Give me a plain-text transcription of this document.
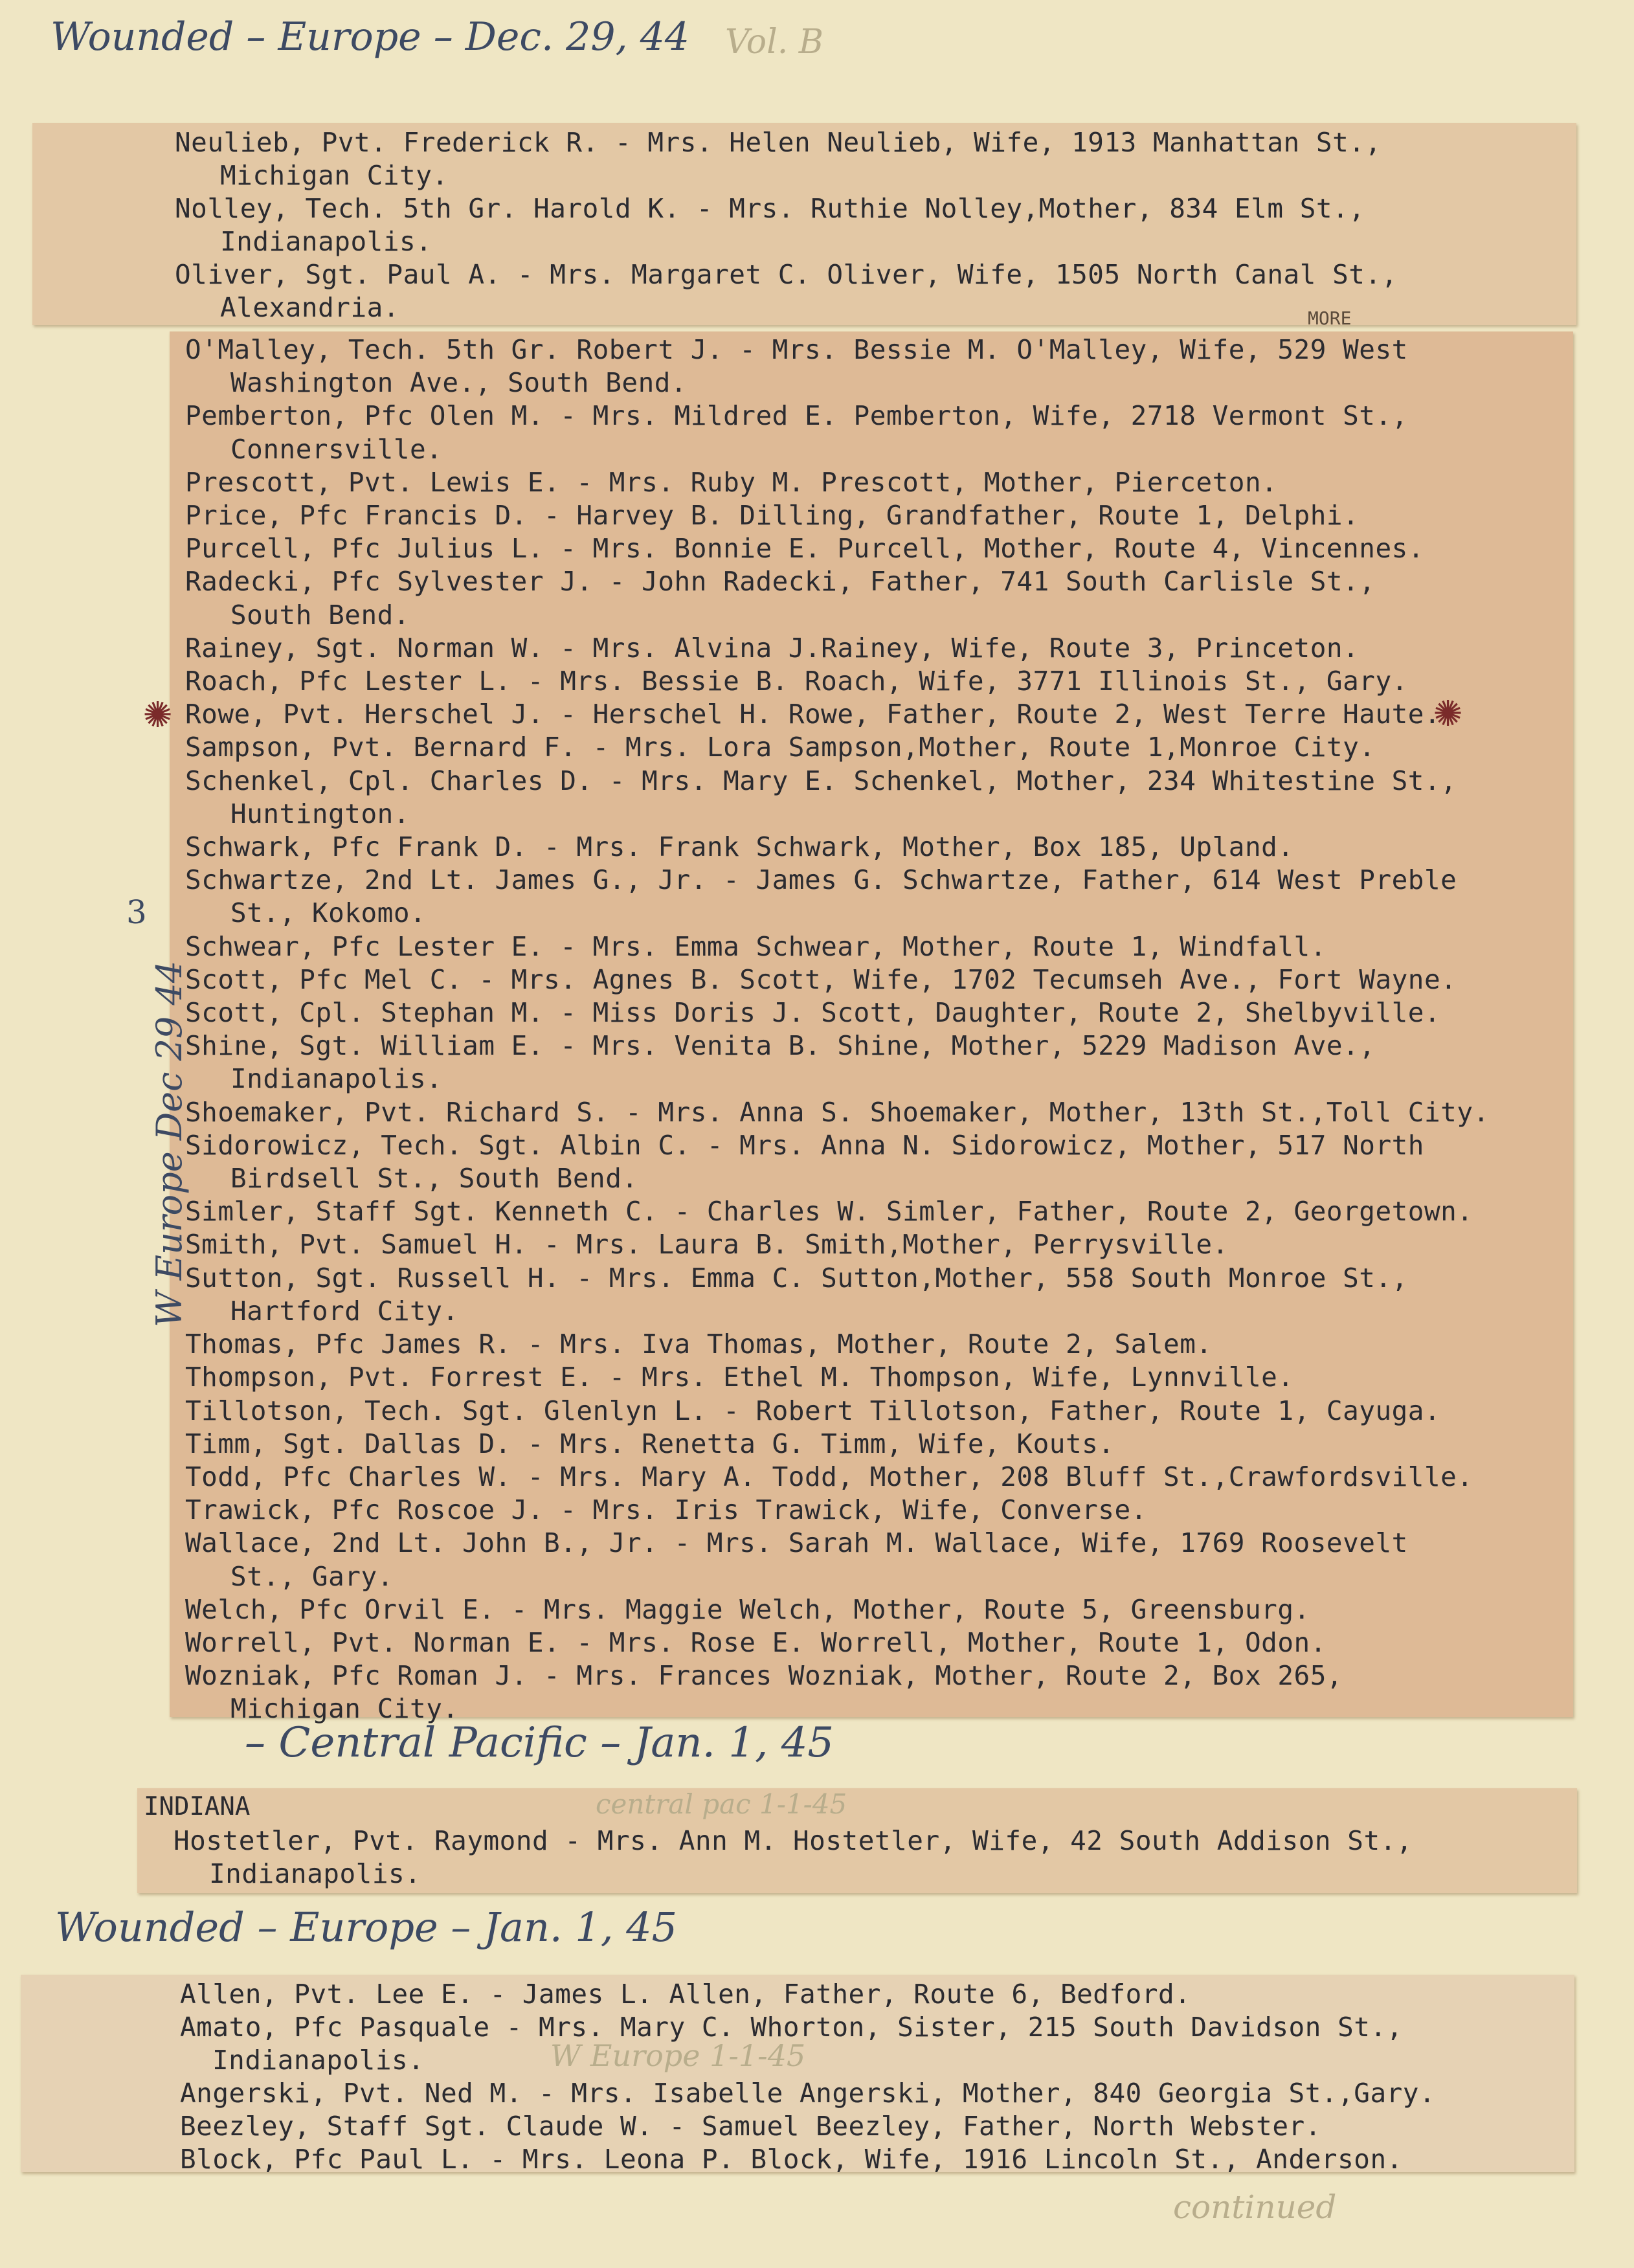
Wounded – Europe – Dec. 29, 44 Vol. B
Neulieb, Pvt. Frederick R. - Mrs. Helen Neulieb, Wife, 1913 Manhattan St.,
Michigan City.
Nolley, Tech. 5th Gr. Harold K. - Mrs. Ruthie Nolley,Mother, 834 Elm St.,
Indianapolis.
Oliver, Sgt. Paul A. - Mrs. Margaret C. Oliver, Wife, 1505 North Canal St.,
Alexandria.	MORE
O'Malley, Tech. 5th Gr. Robert J. - Mrs. Bessie M. O'Malley, Wife, 529 West
Washington Ave., South Bend.
Pemberton, Pfc Olen M. - Mrs. Mildred E. Pemberton, Wife, 2718 Vermont St.,
Connersville.
Prescott, Pvt. Lewis E. - Mrs. Ruby M. Prescott, Mother, Pierceton.
Price, Pfc Francis D. - Harvey B. Dilling, Grandfather, Route 1, Delphi.
Purcell, Pfc Julius L. - Mrs. Bonnie E. Purcell, Mother, Route 4, Vincennes.
Radecki, Pfc Sylvester J. - John Radecki, Father, 741 South Carlisle St.,
South Bend.
Rainey, Sgt. Norman W. - Mrs. Alvina J.Rainey, Wife, Route 3, Princeton.
Roach, Pfc Lester L. - Mrs. Bessie B. Roach, Wife, 3771 Illinois St., Gary.
Rowe, Pvt. Herschel J. - Herschel H. Rowe, Father, Route 2, West Terre Haute.
Sampson, Pvt. Bernard F. - Mrs. Lora Sampson,Mother, Route 1,Monroe City.
Schenkel, Cpl. Charles D. - Mrs. Mary E. Schenkel, Mother, 234 Whitestine St.,
Huntington.
Schwark, Pfc Frank D. - Mrs. Frank Schwark, Mother, Box 185, Upland.
Schwartze, 2nd Lt. James G., Jr. - James G. Schwartze, Father, 614 West Preble
St., Kokomo.
Schwear, Pfc Lester E. - Mrs. Emma Schwear, Mother, Route 1, Windfall.
Scott, Pfc Mel C. - Mrs. Agnes B. Scott, Wife, 1702 Tecumseh Ave., Fort Wayne.
Scott, Cpl. Stephan M. - Miss Doris J. Scott, Daughter, Route 2, Shelbyville.
Shine, Sgt. William E. - Mrs. Venita B. Shine, Mother, 5229 Madison Ave.,
Indianapolis.
Shoemaker, Pvt. Richard S. - Mrs. Anna S. Shoemaker, Mother, 13th St.,Toll City.
Sidorowicz, Tech. Sgt. Albin C. - Mrs. Anna N. Sidorowicz, Mother, 517 North
Birdsell St., South Bend.
Simler, Staff Sgt. Kenneth C. - Charles W. Simler, Father, Route 2, Georgetown.
Smith, Pvt. Samuel H. - Mrs. Laura B. Smith,Mother, Perrysville.
Sutton, Sgt. Russell H. - Mrs. Emma C. Sutton,Mother, 558 South Monroe St.,
Hartford City.
Thomas, Pfc James R. - Mrs. Iva Thomas, Mother, Route 2, Salem.
Thompson, Pvt. Forrest E. - Mrs. Ethel M. Thompson, Wife, Lynnville.
Tillotson, Tech. Sgt. Glenlyn L. - Robert Tillotson, Father, Route 1, Cayuga.
Timm, Sgt. Dallas D. - Mrs. Renetta G. Timm, Wife, Kouts.
Todd, Pfc Charles W. - Mrs. Mary A. Todd, Mother, 208 Bluff St.,Crawfordsville.
Trawick, Pfc Roscoe J. - Mrs. Iris Trawick, Wife, Converse.
Wallace, 2nd Lt. John B., Jr. - Mrs. Sarah M. Wallace, Wife, 1769 Roosevelt
St., Gary.
Welch, Pfc Orvil E. - Mrs. Maggie Welch, Mother, Route 5, Greensburg.
Worrell, Pvt. Norman E. - Mrs. Rose E. Worrell, Mother, Route 1, Odon.
Wozniak, Pfc Roman J. - Mrs. Frances Wozniak, Mother, Route 2, Box 265,
Michigan City.
✺	✺
W Europe Dec 29 44
3
– Central Pacific – Jan. 1, 45
INDIANA	central pac 1-1-45
Hostetler, Pvt. Raymond - Mrs. Ann M. Hostetler, Wife, 42 South Addison St.,
Indianapolis.
Wounded – Europe – Jan. 1, 45
W Europe 1-1-45
Allen, Pvt. Lee E. - James L. Allen, Father, Route 6, Bedford.
Amato, Pfc Pasquale - Mrs. Mary C. Whorton, Sister, 215 South Davidson St.,
Indianapolis.
Angerski, Pvt. Ned M. - Mrs. Isabelle Angerski, Mother, 840 Georgia St.,Gary.
Beezley, Staff Sgt. Claude W. - Samuel Beezley, Father, North Webster.
Block, Pfc Paul L. - Mrs. Leona P. Block, Wife, 1916 Lincoln St., Anderson.
continued
